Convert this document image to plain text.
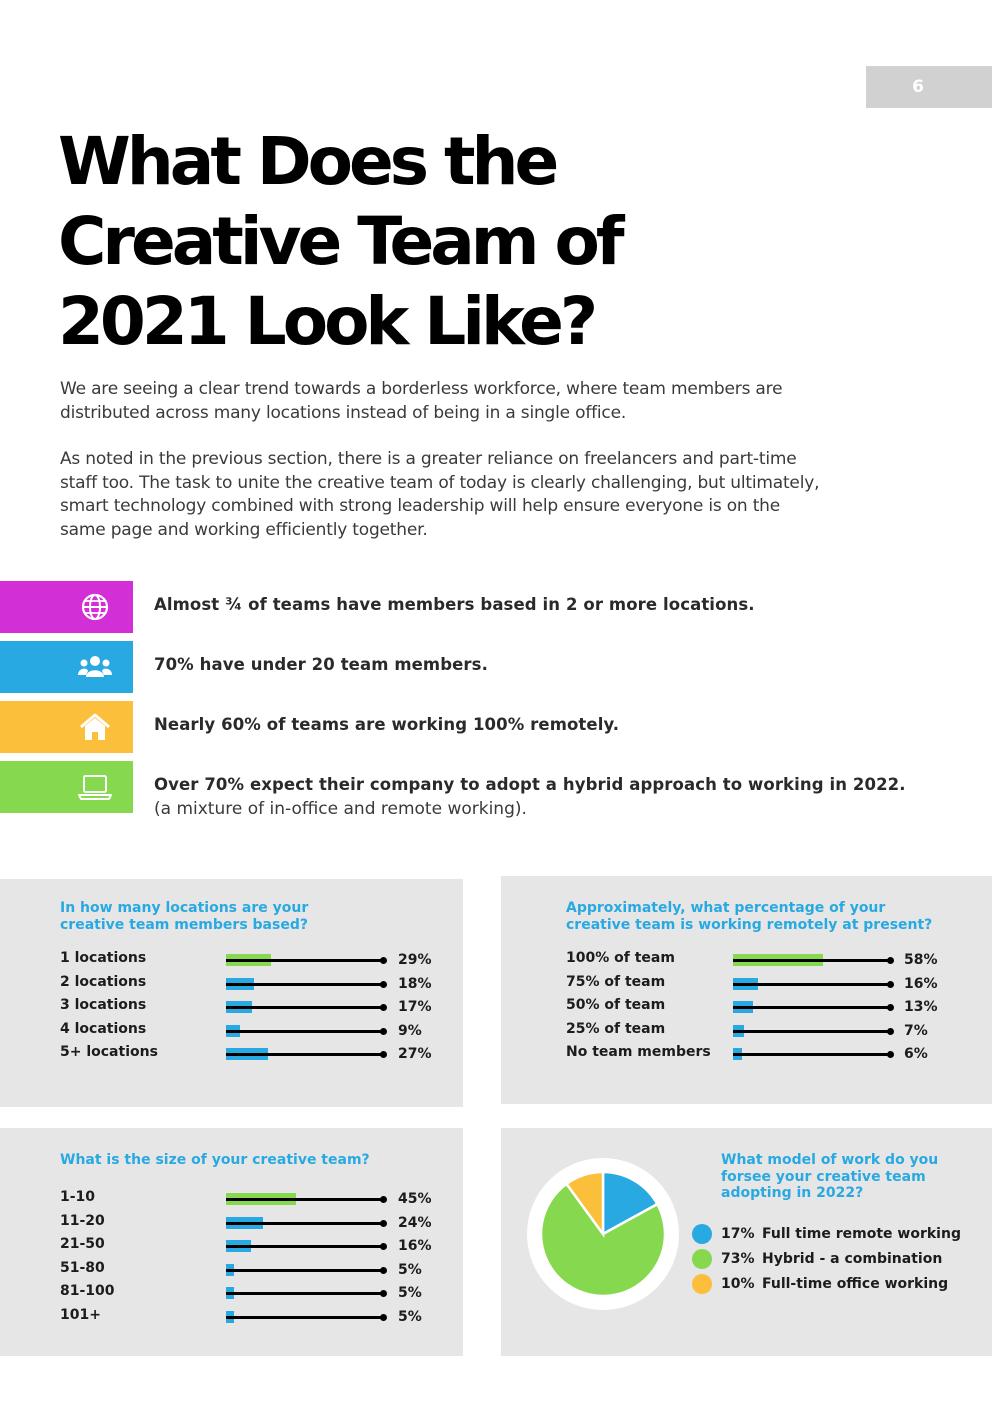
6
What Does the
Creative Team of
2021 Look Like?

We are seeing a clear trend towards a borderless workforce, where team members are distributed across many locations instead of being in a single office.

As noted in the previous section, there is a greater reliance on freelancers and part-time staff too. The task to unite the creative team of today is clearly challenging, but ultimately, smart technology combined with strong leadership will help ensure everyone is on the same page and working efficiently together.

Almost ¾ of teams have members based in 2 or more locations.
70% have under 20 team members.
Nearly 60% of teams are working 100% remotely.
Over 70% expect their company to adopt a hybrid approach to working in 2022.
(a mixture of in-office and remote working).
In how many locations are your creative team members based?
1 locations	29%
2 locations	18%
3 locations	17%
4 locations	9%
5+ locations	27%
Approximately, what percentage of your creative team is working remotely at present?
100% of team	58%
75% of team	16%
50% of team	13%
25% of team	7%
No team members	6%
What is the size of your creative team?
1-10	45%
11-20	24%
21-50	16%
51-80	5%
81-100	5%
101+	5%
What model of work do you forsee your creative team adopting in 2022?
17% Full time remote working
73% Hybrid - a combination
10% Full-time office working
